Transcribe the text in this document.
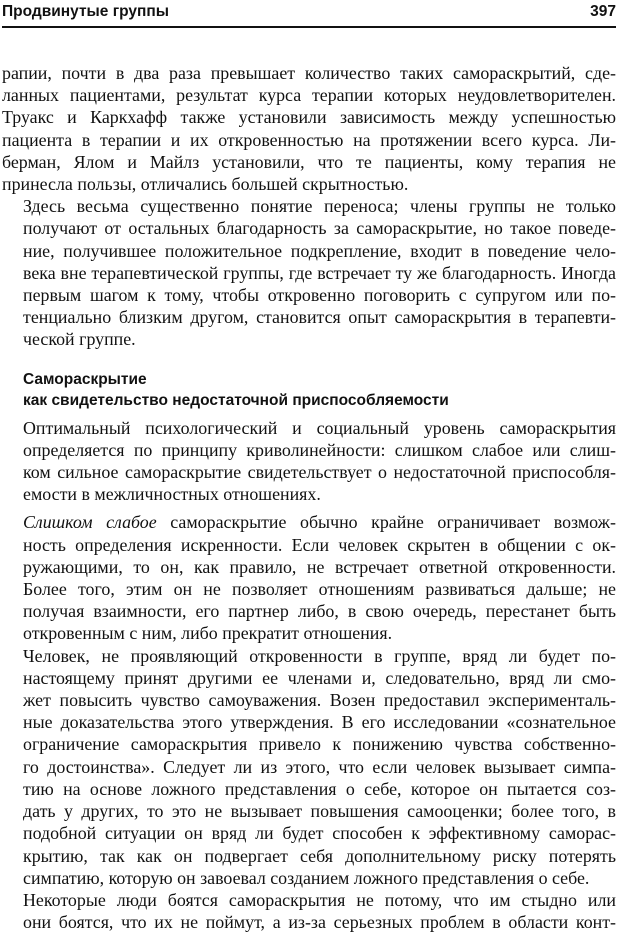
Продвинутые группы	397

рапии, почти в два раза превышает количество таких самораскрытий, сде-
ланных пациентами, результат курса терапии которых неудовлетворителен.
Труакс и Каркхафф также установили зависимость между успешностью
пациента в терапии и их откровенностью на протяжении всего курса. Ли-
берман, Ялом и Майлз установили, что те пациенты, кому терапия не
принесла пользы, отличались большей скрытностью.

Здесь весьма существенно понятие переноса; члены группы не только
получают от остальных благодарность за самораскрытие, но такое поведе-
ние, получившее положительное подкрепление, входит в поведение чело-
века вне терапевтической группы, где встречает ту же благодарность. Иногда
первым шагом к тому, чтобы откровенно поговорить с супругом или по-
тенциально близким другом, становится опыт самораскрытия в терапевти-
ческой группе.

Самораскрытие
как свидетельство недостаточной приспособляемости

Оптимальный психологический и социальный уровень самораскрытия
определяется по принципу криволинейности: слишком слабое или слиш-
ком сильное самораскрытие свидетельствует о недостаточной приспособля-
емости в межличностных отношениях.

Слишком слабое самораскрытие обычно крайне ограничивает возмож-
ность определения искренности. Если человек скрытен в общении с ок-
ружающими, то он, как правило, не встречает ответной откровенности.
Более того, этим он не позволяет отношениям развиваться дальше; не
получая взаимности, его партнер либо, в свою очередь, перестанет быть
откровенным с ним, либо прекратит отношения.

Человек, не проявляющий откровенности в группе, вряд ли будет по-
настоящему принят другими ее членами и, следовательно, вряд ли смо-
жет повысить чувство самоуважения. Возен предоставил эксперименталь-
ные доказательства этого утверждения. В его исследовании «сознательное
ограничение самораскрытия привело к понижению чувства собственно-
го достоинства». Следует ли из этого, что если человек вызывает симпа-
тию на основе ложного представления о себе, которое он пытается соз-
дать у других, то это не вызывает повышения самооценки; более того, в
подобной ситуации он вряд ли будет способен к эффективному саморас-
крытию, так как он подвергает себя дополнительному риску потерять
симпатию, которую он завоевал созданием ложного представления о себе.

Некоторые люди боятся самораскрытия не потому, что им стыдно или
они боятся, что их не поймут, а из-за серьезных проблем в области конт-
